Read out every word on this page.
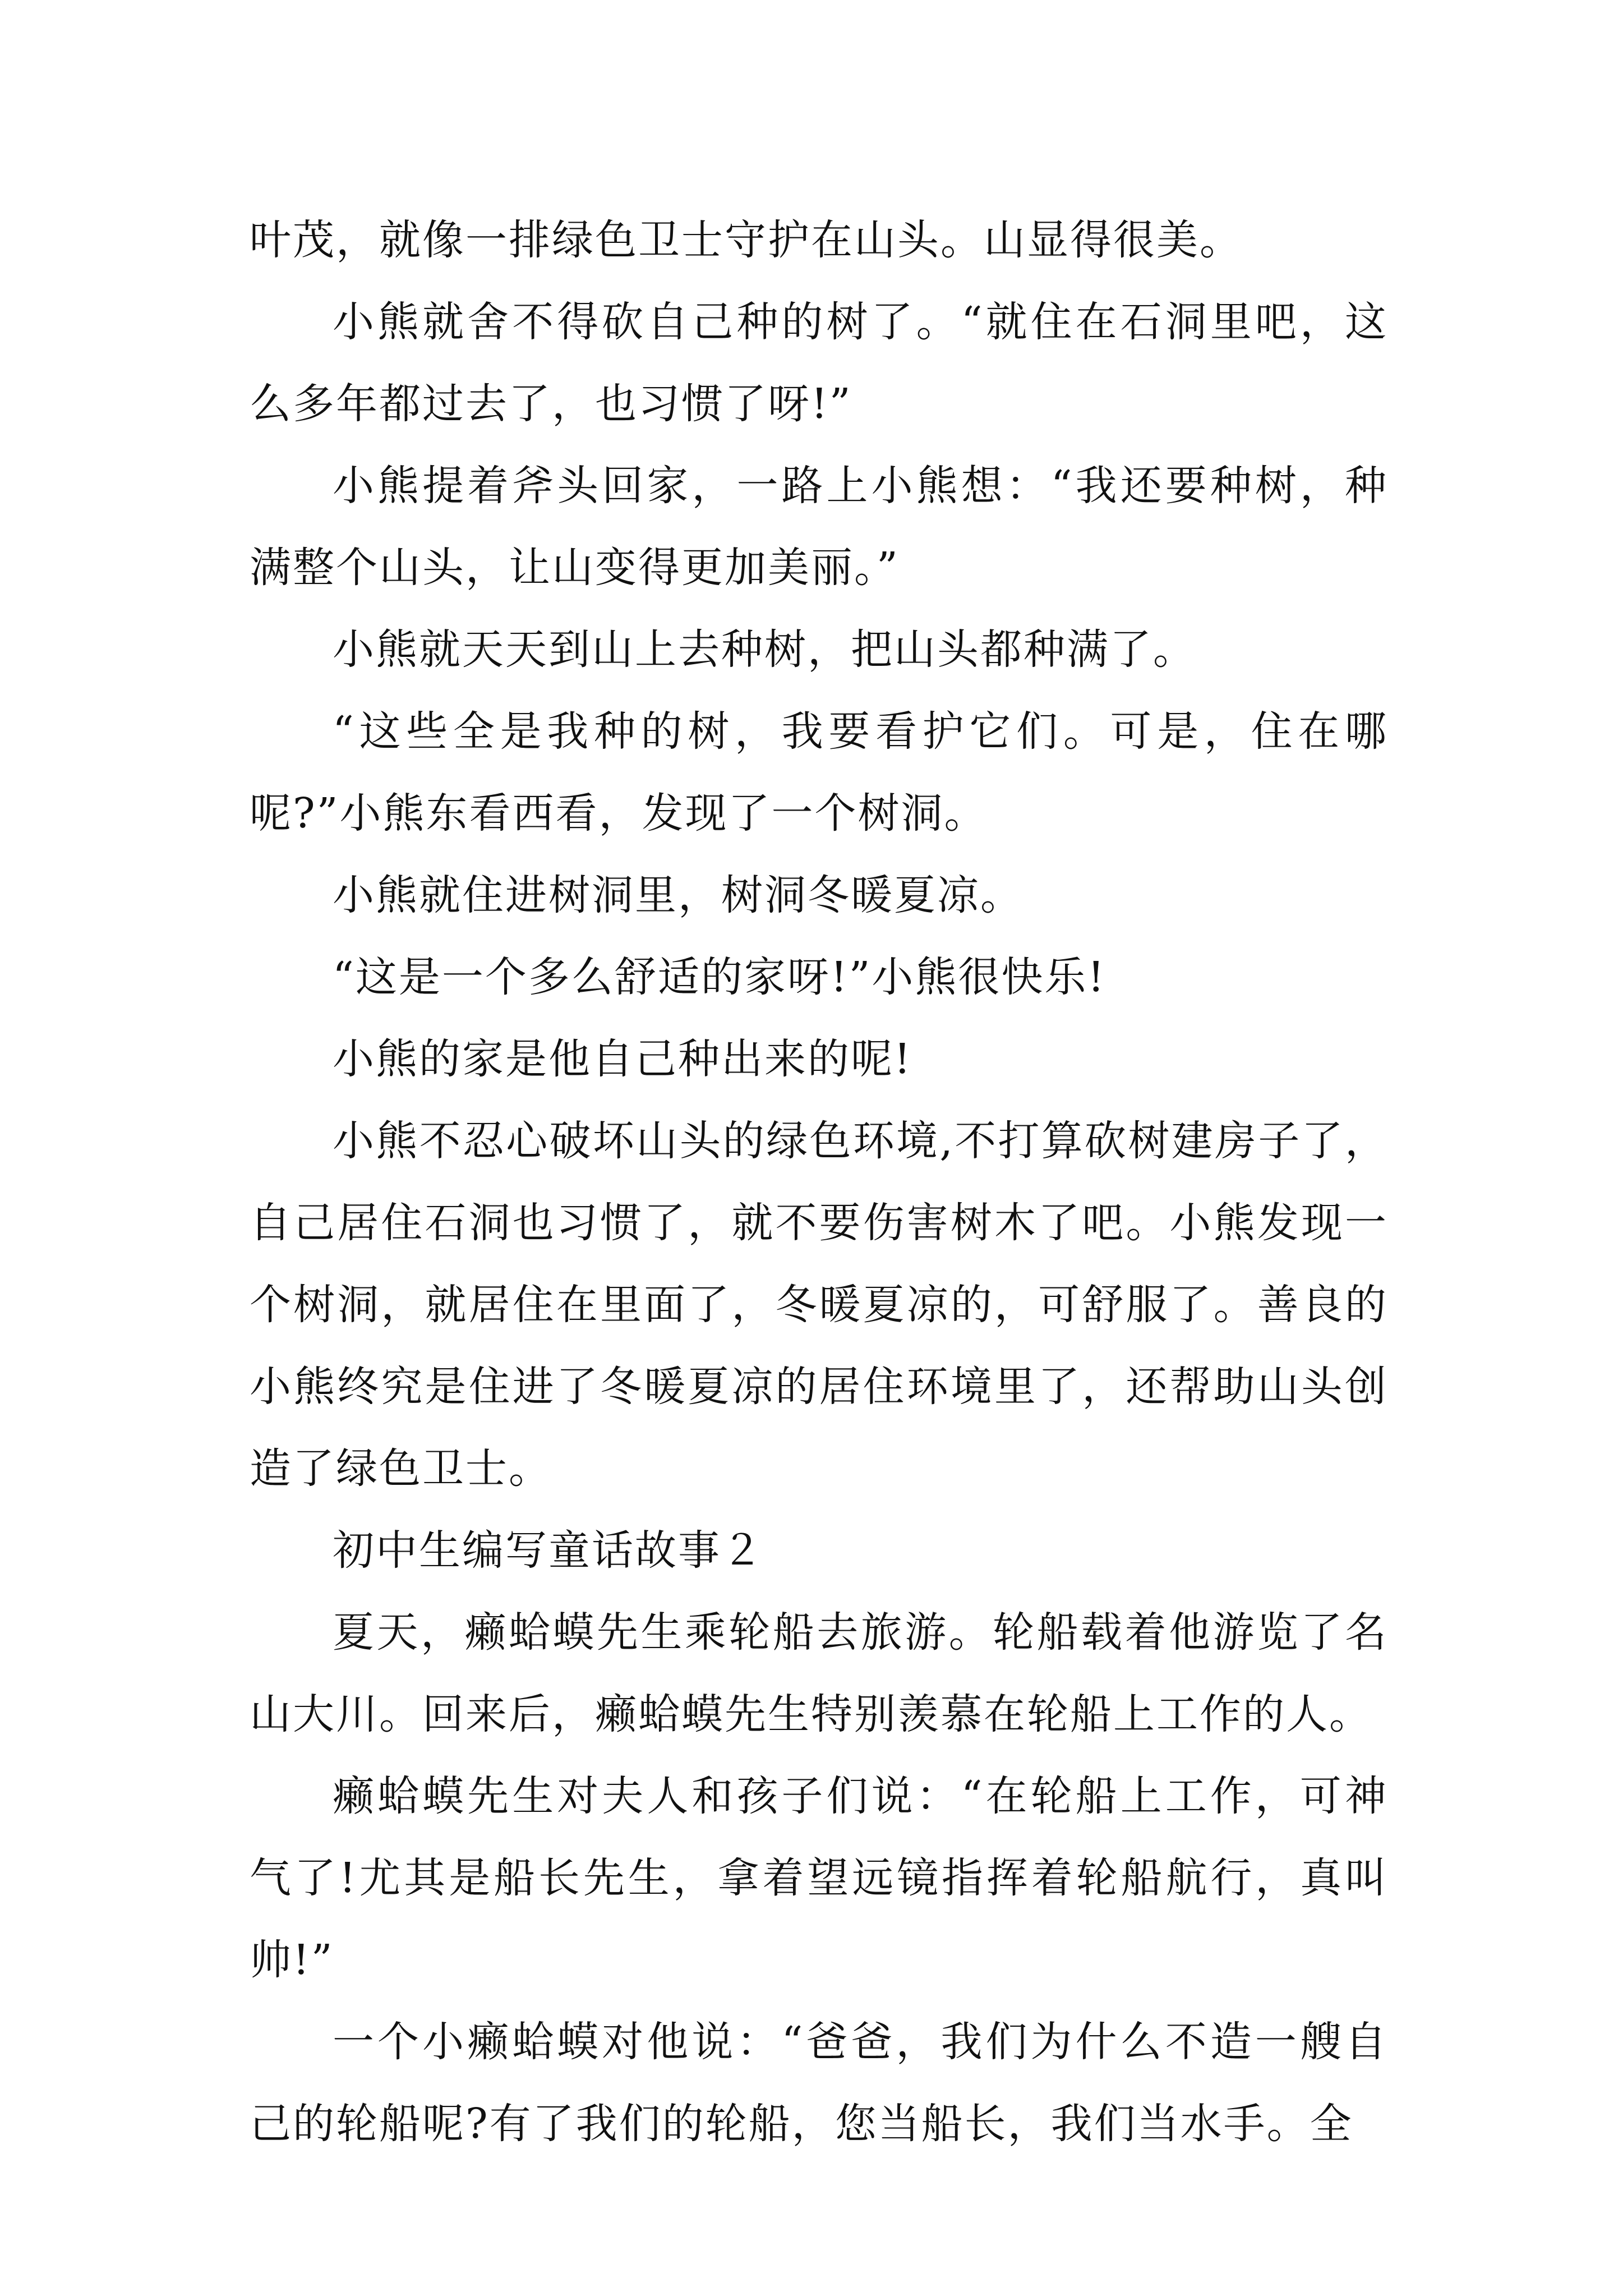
叶茂，就像一排绿色卫士守护在山头。山显得很美。

小熊就舍不得砍自己种的树了。“就住在石洞里吧，这么多年都过去了，也习惯了呀!”

小熊提着斧头回家，一路上小熊想：“我还要种树，种满整个山头，让山变得更加美丽。”

小熊就天天到山上去种树，把山头都种满了。

“这些全是我种的树，我要看护它们。可是，住在哪呢?”小熊东看西看，发现了一个树洞。

小熊就住进树洞里，树洞冬暖夏凉。

“这是一个多么舒适的家呀!”小熊很快乐!

小熊的家是他自己种出来的呢!

小熊不忍心破坏山头的绿色环境,不打算砍树建房子了，自己居住石洞也习惯了，就不要伤害树木了吧。小熊发现一个树洞，就居住在里面了，冬暖夏凉的，可舒服了。善良的小熊终究是住进了冬暖夏凉的居住环境里了，还帮助山头创造了绿色卫士。

初中生编写童话故事２

夏天，癞蛤蟆先生乘轮船去旅游。轮船载着他游览了名山大川。回来后，癞蛤蟆先生特别羡慕在轮船上工作的人。

癞蛤蟆先生对夫人和孩子们说：“在轮船上工作，可神气了!尤其是船长先生，拿着望远镜指挥着轮船航行，真叫帅!”

一个小癞蛤蟆对他说：“爸爸，我们为什么不造一艘自己的轮船呢?有了我们的轮船，您当船长，我们当水手。全
